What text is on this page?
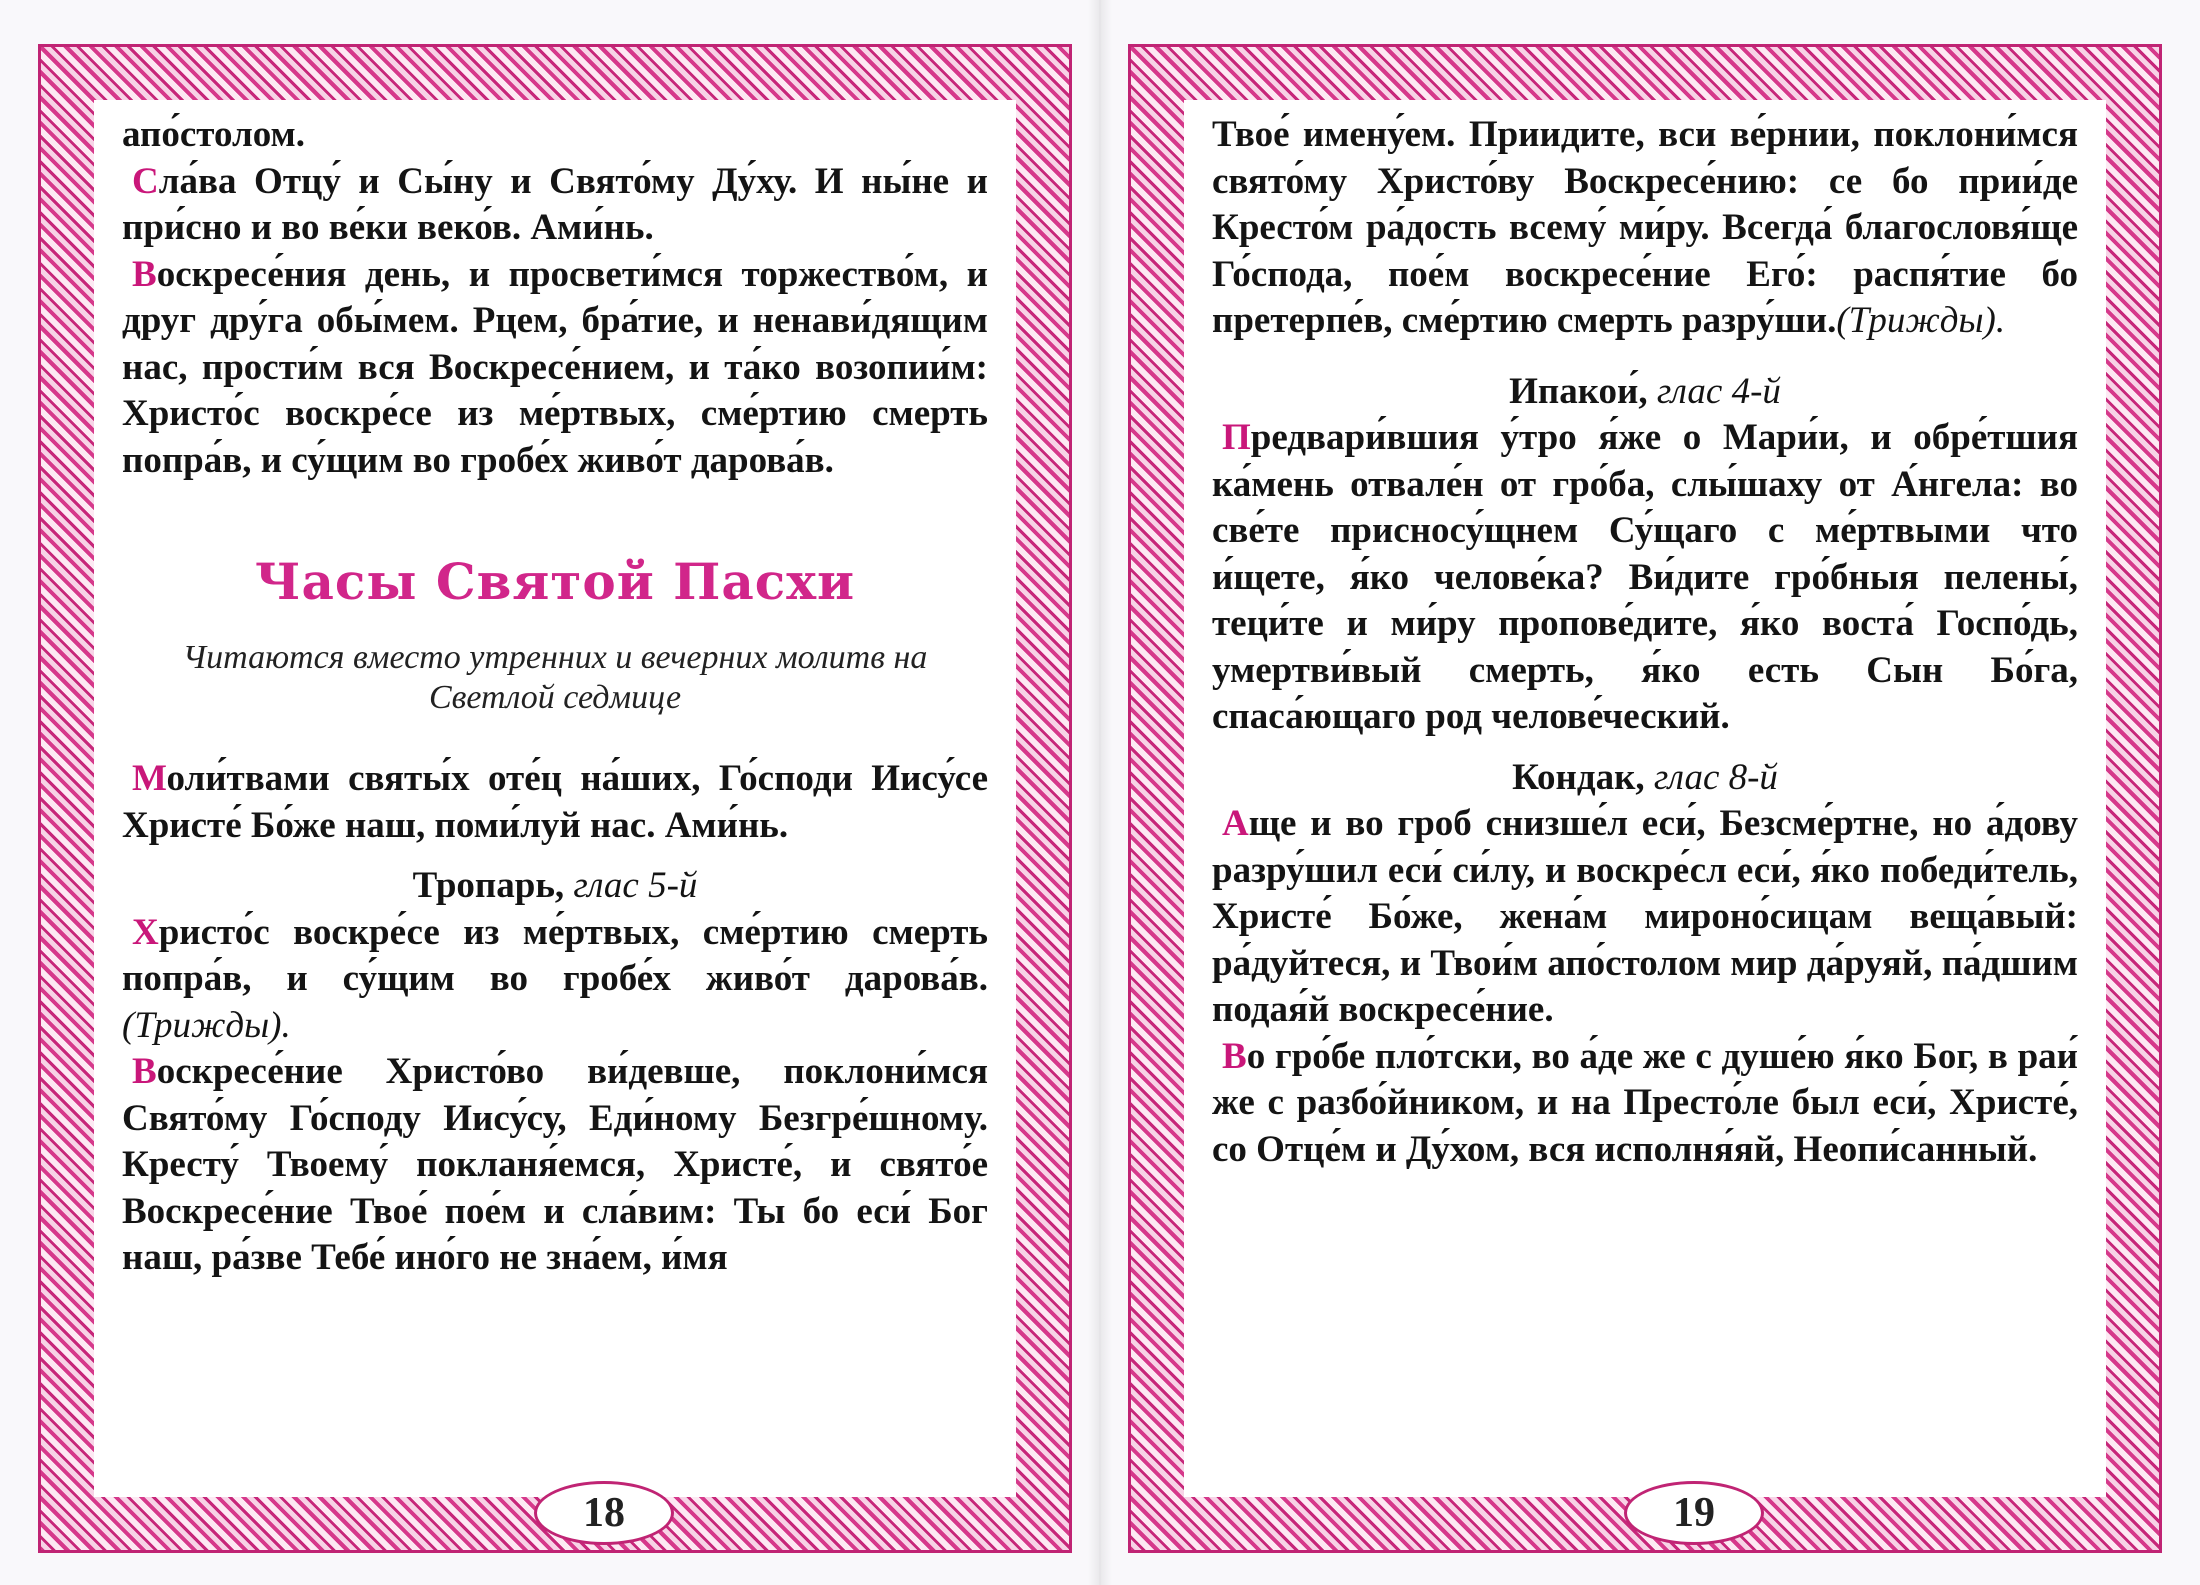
апо́столом.

Сла́ва Отцу́ и Сы́ну и Свято́му Ду́ху. И ны́не и при́сно и во ве́ки веко́в. Ами́нь.

Воскресе́ния день, и просвети́мся торжество́м, и друг дру́га обы́мем. Рцем, бра́тие, и ненави́дящим нас, прости́м вся Воскресе́нием, и та́ко возопии́м: Христо́с воскре́се из ме́ртвых, сме́ртию смерть попра́в, и су́щим во гробе́х живо́т дарова́в.

Часы Святой Пасхи
Читаются вместо утренних и вечерних молитв на Светлой седмице

Моли́твами святы́х оте́ц на́ших, Го́споди Иису́се Христе́ Бо́же наш, поми́луй нас. Ами́нь.

Тропарь, глас 5-й

Христо́с воскре́се из ме́ртвых, сме́ртию смерть попра́в, и су́щим во гробе́х живо́т дарова́в.(Трижды).

Воскресе́ние Христо́во ви́девше, поклони́мся Свято́му Го́споду Иису́су, Еди́ному Безгре́шному. Кресту́ Твоему́ покланя́емся, Христе́, и свято́е Воскресе́ние Твое́ пое́м и сла́вим: Ты бо еси́ Бог наш, ра́зве Тебе́ ино́го не зна́ем, и́мя

18

Твое́ имену́ем. Приидите, вси ве́рнии, поклони́мся свято́му Христо́ву Воскресе́нию: се бо прии́де Кресто́м ра́дость всему́ ми́ру. Всегда́ благословя́ще Го́спода, пое́м воскресе́ние Его́: распя́тие бо претерпе́в, сме́ртию смерть разру́ши.(Трижды).

Ипакои́, глас 4-й

Предвари́вшия у́тро я́же о Мари́и, и обре́тшия ка́мень отвале́н от гро́ба, слы́шаху от А́нгела: во све́те присносу́щнем Су́щаго с ме́ртвыми что и́щете, я́ко челове́ка? Ви́дите гро́бныя пелены́, теци́те и ми́ру пропове́дите, я́ко воста́ Госпо́дь, умертви́вый смерть, я́ко есть Сын Бо́га, спаса́ющаго род челове́ческий.

Кондак, глас 8-й

Аще и во гроб снизше́л еси́, Безсме́ртне, но а́дову разру́шил еси́ си́лу, и воскре́сл еси́, я́ко победи́тель, Христе́ Бо́же, жена́м мироно́сицам веща́вый: ра́дуйтеся, и Твои́м апо́столом мир да́руяй, па́дшим подая́й воскресе́ние.

Во гро́бе пло́тски, во а́де же с душе́ю я́ко Бог, в раи́ же с разбо́йником, и на Престо́ле был еси́, Христе́, со Отце́м и Ду́хом, вся исполня́яй, Неопи́санный.

19
